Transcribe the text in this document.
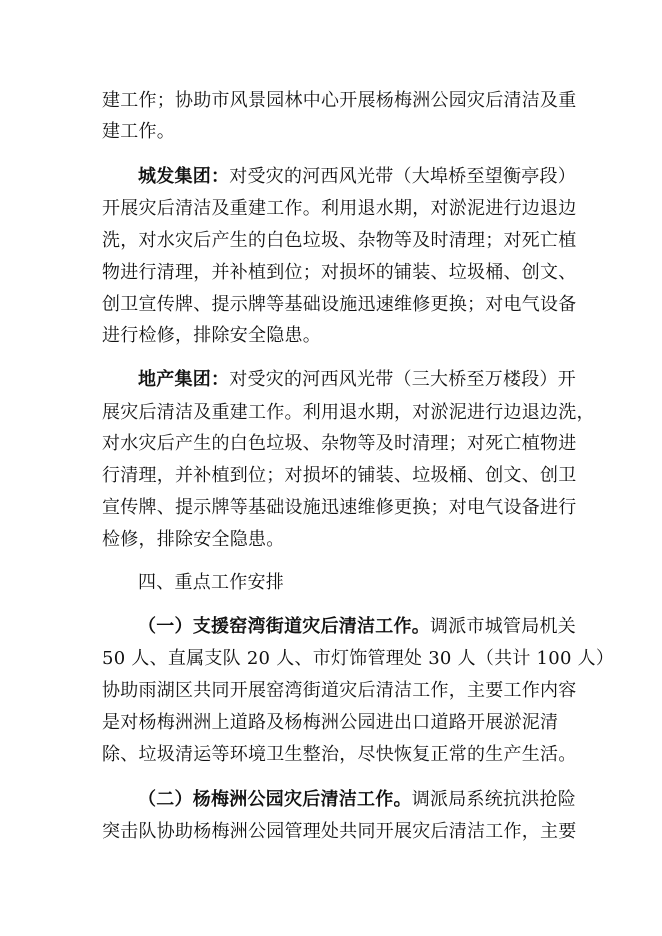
建工作；协助市风景园林中心开展杨梅洲公园灾后清洁及重
建工作。
城发集团：对受灾的河西风光带（大埠桥至望衡亭段）
开展灾后清洁及重建工作。利用退水期，对淤泥进行边退边
洗，对水灾后产生的白色垃圾、杂物等及时清理；对死亡植
物进行清理，并补植到位；对损坏的铺装、垃圾桶、创文、
创卫宣传牌、提示牌等基础设施迅速维修更换；对电气设备
进行检修，排除安全隐患。
地产集团：对受灾的河西风光带（三大桥至万楼段）开
展灾后清洁及重建工作。利用退水期，对淤泥进行边退边洗，
对水灾后产生的白色垃圾、杂物等及时清理；对死亡植物进
行清理，并补植到位；对损坏的铺装、垃圾桶、创文、创卫
宣传牌、提示牌等基础设施迅速维修更换；对电气设备进行
检修，排除安全隐患。
四、重点工作安排
（一）支援窑湾街道灾后清洁工作。调派市城管局机关
50 人、直属支队 20 人、市灯饰管理处 30 人（共计 100 人）
协助雨湖区共同开展窑湾街道灾后清洁工作，主要工作内容
是对杨梅洲洲上道路及杨梅洲公园进出口道路开展淤泥清
除、垃圾清运等环境卫生整治，尽快恢复正常的生产生活。
（二）杨梅洲公园灾后清洁工作。调派局系统抗洪抢险
突击队协助杨梅洲公园管理处共同开展灾后清洁工作，主要
